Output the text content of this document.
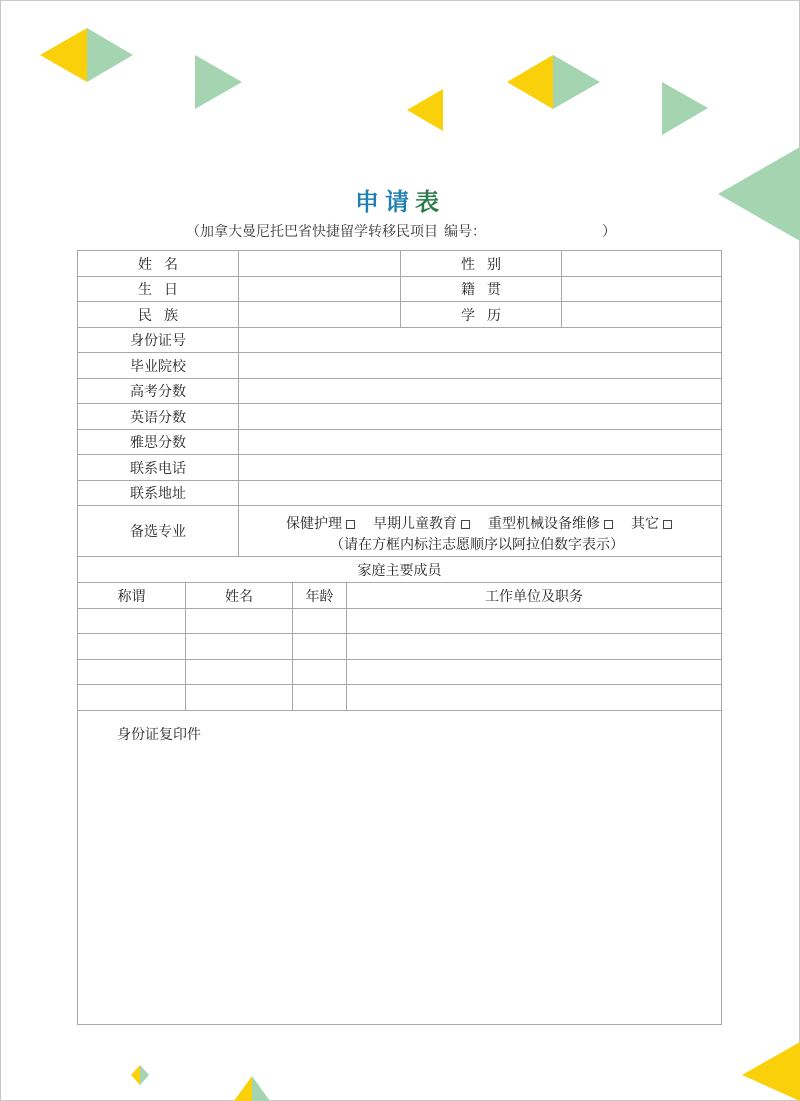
申请表
（加拿大曼尼托巴省快捷留学转移民项目 编号：	）
姓名	性别
生日	籍贯
民族	学历
身份证号
毕业院校
高考分数
英语分数
雅思分数
联系电话
联系地址
备选专业	保健护理 早期儿童教育 重型机械设备维修 其它
（请在方框内标注志愿顺序以阿拉伯数字表示）
家庭主要成员
称谓	姓名	年龄	工作单位及职务
身份证复印件
